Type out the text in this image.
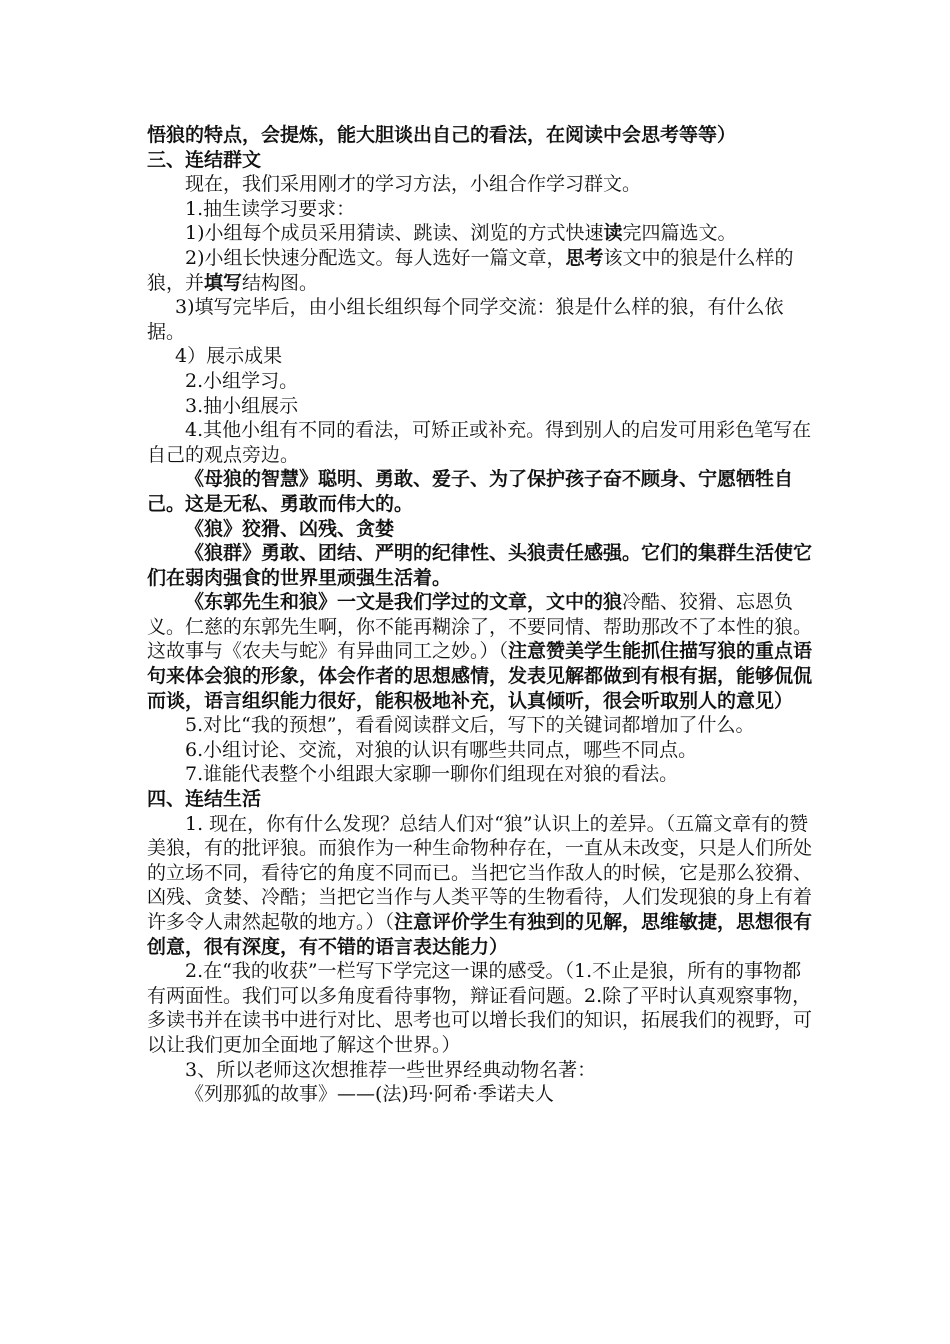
悟狼的特点，会提炼，能大胆谈出自己的看法，在阅读中会思考等等）

三、连结群文

现在，我们采用刚才的学习方法，小组合作学习群文。

1.抽生读学习要求：

1)小组每个成员采用猜读、跳读、浏览的方式快速读完四篇选文。

2)小组长快速分配选文。每人选好一篇文章，思考该文中的狼是什么样的狼，并填写结构图。

3)填写完毕后，由小组长组织每个同学交流：狼是什么样的狼，有什么依据。

4）展示成果

2.小组学习。

3.抽小组展示

4.其他小组有不同的看法，可矫正或补充。得到别人的启发可用彩色笔写在自己的观点旁边。

《母狼的智慧》聪明、勇敢、爱子、为了保护孩子奋不顾身、宁愿牺牲自己。这是无私、勇敢而伟大的。

《狼》狡猾、凶残、贪婪

《狼群》勇敢、团结、严明的纪律性、头狼责任感强。它们的集群生活使它们在弱肉强食的世界里顽强生活着。

《东郭先生和狼》一文是我们学过的文章，文中的狼冷酷、狡猾、忘恩负义。仁慈的东郭先生啊，你不能再糊涂了，不要同情、帮助那改不了本性的狼。这故事与《农夫与蛇》有异曲同工之妙。）（注意赞美学生能抓住描写狼的重点语句来体会狼的形象，体会作者的思想感情，发表见解都做到有根有据，能够侃侃而谈，语言组织能力很好，能积极地补充，认真倾听，很会听取别人的意见）

5.对比“我的预想”，看看阅读群文后，写下的关键词都增加了什么。

6.小组讨论、交流，对狼的认识有哪些共同点，哪些不同点。

7.谁能代表整个小组跟大家聊一聊你们组现在对狼的看法。

四、连结生活

1. 现在，你有什么发现？总结人们对“狼”认识上的差异。（五篇文章有的赞美狼，有的批评狼。而狼作为一种生命物种存在，一直从未改变，只是人们所处的立场不同，看待它的角度不同而已。当把它当作敌人的时候，它是那么狡猾、凶残、贪婪、冷酷；当把它当作与人类平等的生物看待，人们发现狼的身上有着许多令人肃然起敬的地方。）（注意评价学生有独到的见解，思维敏捷，思想很有创意，很有深度，有不错的语言表达能力）

2.在“我的收获”一栏写下学完这一课的感受。（1.不止是狼，所有的事物都有两面性。我们可以多角度看待事物，辩证看问题。2.除了平时认真观察事物，多读书并在读书中进行对比、思考也可以增长我们的知识，拓展我们的视野，可以让我们更加全面地了解这个世界。）

3、所以老师这次想推荐一些世界经典动物名著：

《列那狐的故事》——(法)玛·阿希·季诺夫人
